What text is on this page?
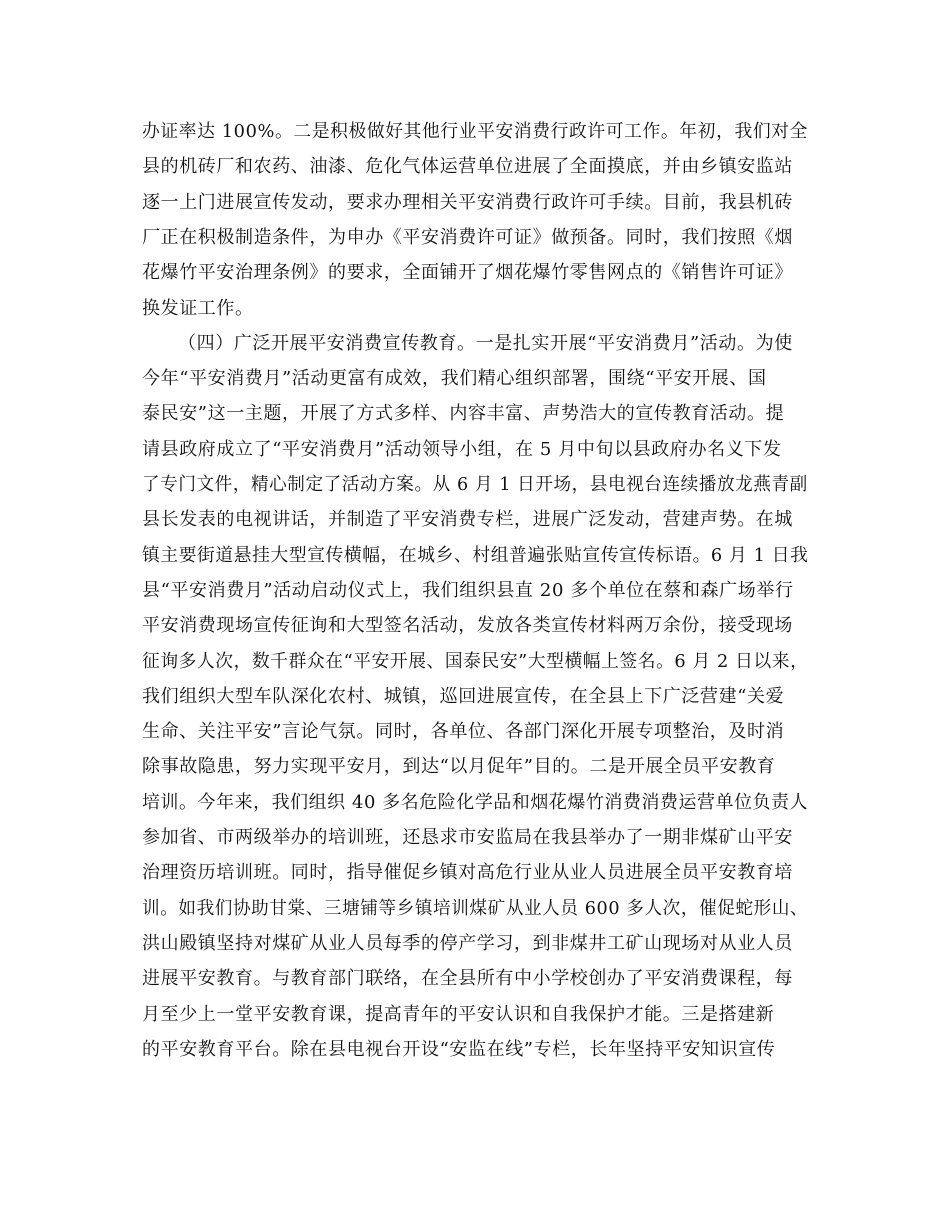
办证率达 100%。二是积极做好其他行业平安消费行政许可工作。年初，我们对全
县的机砖厂和农药、油漆、危化气体运营单位进展了全面摸底，并由乡镇安监站
逐一上门进展宣传发动，要求办理相关平安消费行政许可手续。目前，我县机砖
厂正在积极制造条件，为申办《平安消费许可证》做预备。同时，我们按照《烟
花爆竹平安治理条例》的要求，全面铺开了烟花爆竹零售网点的《销售许可证》
换发证工作。
（四）广泛开展平安消费宣传教育。一是扎实开展“平安消费月”活动。为使
今年“平安消费月”活动更富有成效，我们精心组织部署，围绕“平安开展、国
泰民安”这一主题，开展了方式多样、内容丰富、声势浩大的宣传教育活动。提
请县政府成立了“平安消费月”活动领导小组，在 5 月中旬以县政府办名义下发
了专门文件，精心制定了活动方案。从 6 月 1 日开场，县电视台连续播放龙燕青副
县长发表的电视讲话，并制造了平安消费专栏，进展广泛发动，营建声势。在城
镇主要街道悬挂大型宣传横幅，在城乡、村组普遍张贴宣传宣传标语。6 月 1 日我
县“平安消费月”活动启动仪式上，我们组织县直 20 多个单位在蔡和森广场举行
平安消费现场宣传征询和大型签名活动，发放各类宣传材料两万余份，接受现场
征询多人次，数千群众在“平安开展、国泰民安”大型横幅上签名。6 月 2 日以来，
我们组织大型车队深化农村、城镇，巡回进展宣传，在全县上下广泛营建“关爱
生命、关注平安”言论气氛。同时，各单位、各部门深化开展专项整治，及时消
除事故隐患，努力实现平安月，到达“以月促年”目的。二是开展全员平安教育
培训。今年来，我们组织 40 多名危险化学品和烟花爆竹消费消费运营单位负责人
参加省、市两级举办的培训班，还恳求市安监局在我县举办了一期非煤矿山平安
治理资历培训班。同时，指导催促乡镇对高危行业从业人员进展全员平安教育培
训。如我们协助甘棠、三塘铺等乡镇培训煤矿从业人员 600 多人次，催促蛇形山、
洪山殿镇坚持对煤矿从业人员每季的停产学习，到非煤井工矿山现场对从业人员
进展平安教育。与教育部门联络，在全县所有中小学校创办了平安消费课程，每
月至少上一堂平安教育课，提高青年的平安认识和自我保护才能。三是搭建新
的平安教育平台。除在县电视台开设“安监在线”专栏，长年坚持平安知识宣传
